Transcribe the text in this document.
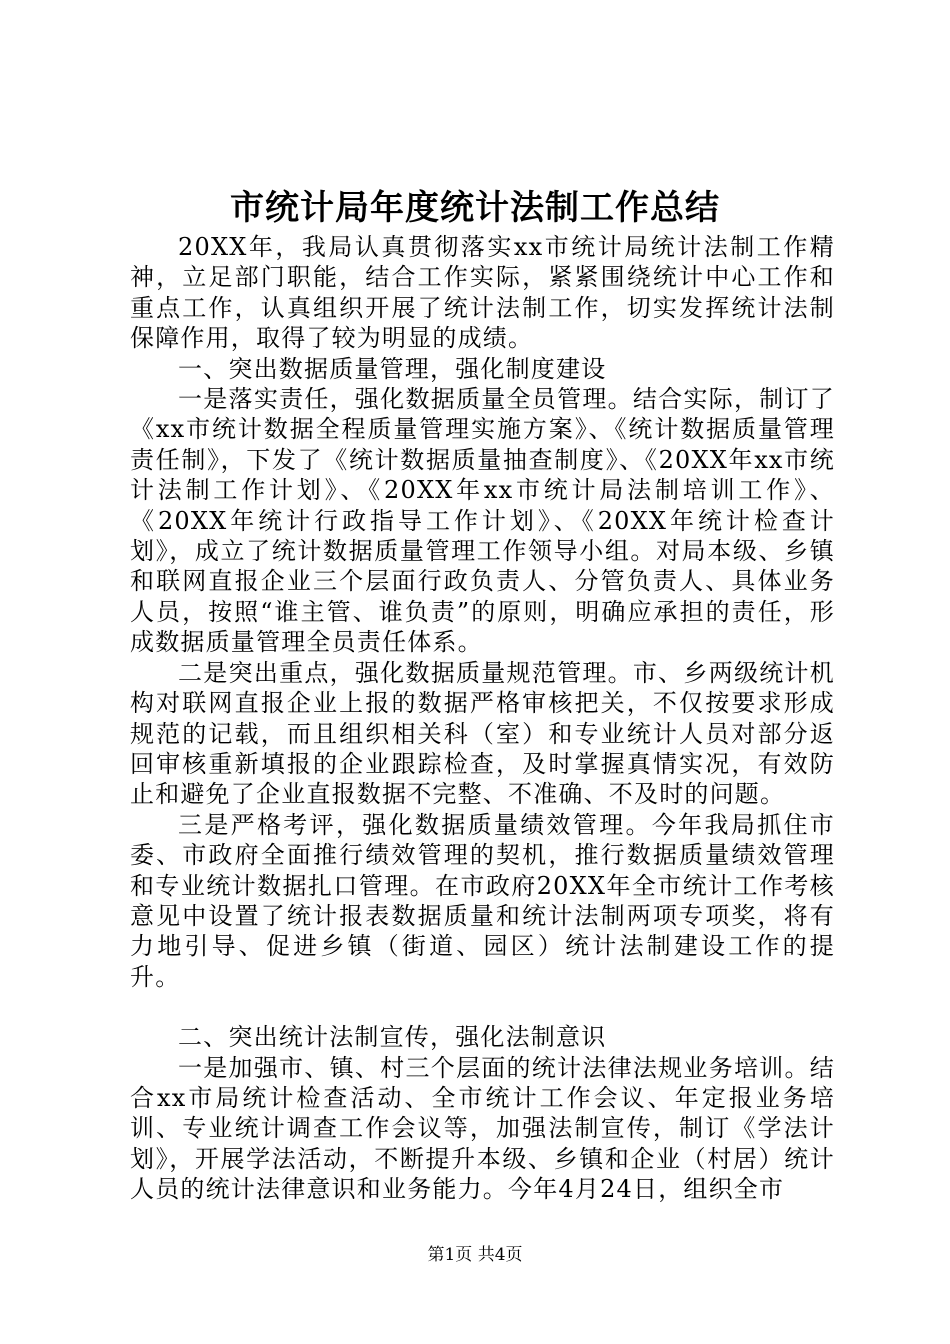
市统计局年度统计法制工作总结

20XX年，我局认真贯彻落实xx市统计局统计法制工作精神，立足部门职能，结合工作实际，紧紧围绕统计中心工作和重点工作，认真组织开展了统计法制工作，切实发挥统计法制保障作用，取得了较为明显的成绩。

一、突出数据质量管理，强化制度建设

一是落实责任，强化数据质量全员管理。结合实际，制订了《xx市统计数据全程质量管理实施方案》、《统计数据质量管理责任制》，下发了《统计数据质量抽查制度》、《20XX年xx市统计法制工作计划》、《20XX年xx市统计局法制培训工作》、《20XX年统计行政指导工作计划》、《20XX年统计检查计划》，成立了统计数据质量管理工作领导小组。对局本级、乡镇和联网直报企业三个层面行政负责人、分管负责人、具体业务人员，按照“谁主管、谁负责”的原则，明确应承担的责任，形成数据质量管理全员责任体系。

二是突出重点，强化数据质量规范管理。市、乡两级统计机构对联网直报企业上报的数据严格审核把关，不仅按要求形成规范的记载，而且组织相关科（室）和专业统计人员对部分返回审核重新填报的企业跟踪检查，及时掌握真情实况，有效防止和避免了企业直报数据不完整、不准确、不及时的问题。

三是严格考评，强化数据质量绩效管理。今年我局抓住市委、市政府全面推行绩效管理的契机，推行数据质量绩效管理和专业统计数据扎口管理。在市政府20XX年全市统计工作考核意见中设置了统计报表数据质量和统计法制两项专项奖，将有力地引导、促进乡镇（街道、园区）统计法制建设工作的提升。

二、突出统计法制宣传，强化法制意识

一是加强市、镇、村三个层面的统计法律法规业务培训。结合xx市局统计检查活动、全市统计工作会议、年定报业务培训、专业统计调查工作会议等，加强法制宣传，制订《学法计划》，开展学法活动，不断提升本级、乡镇和企业（村居）统计人员的统计法律意识和业务能力。今年4月24日，组织全市

第1页 共4页
